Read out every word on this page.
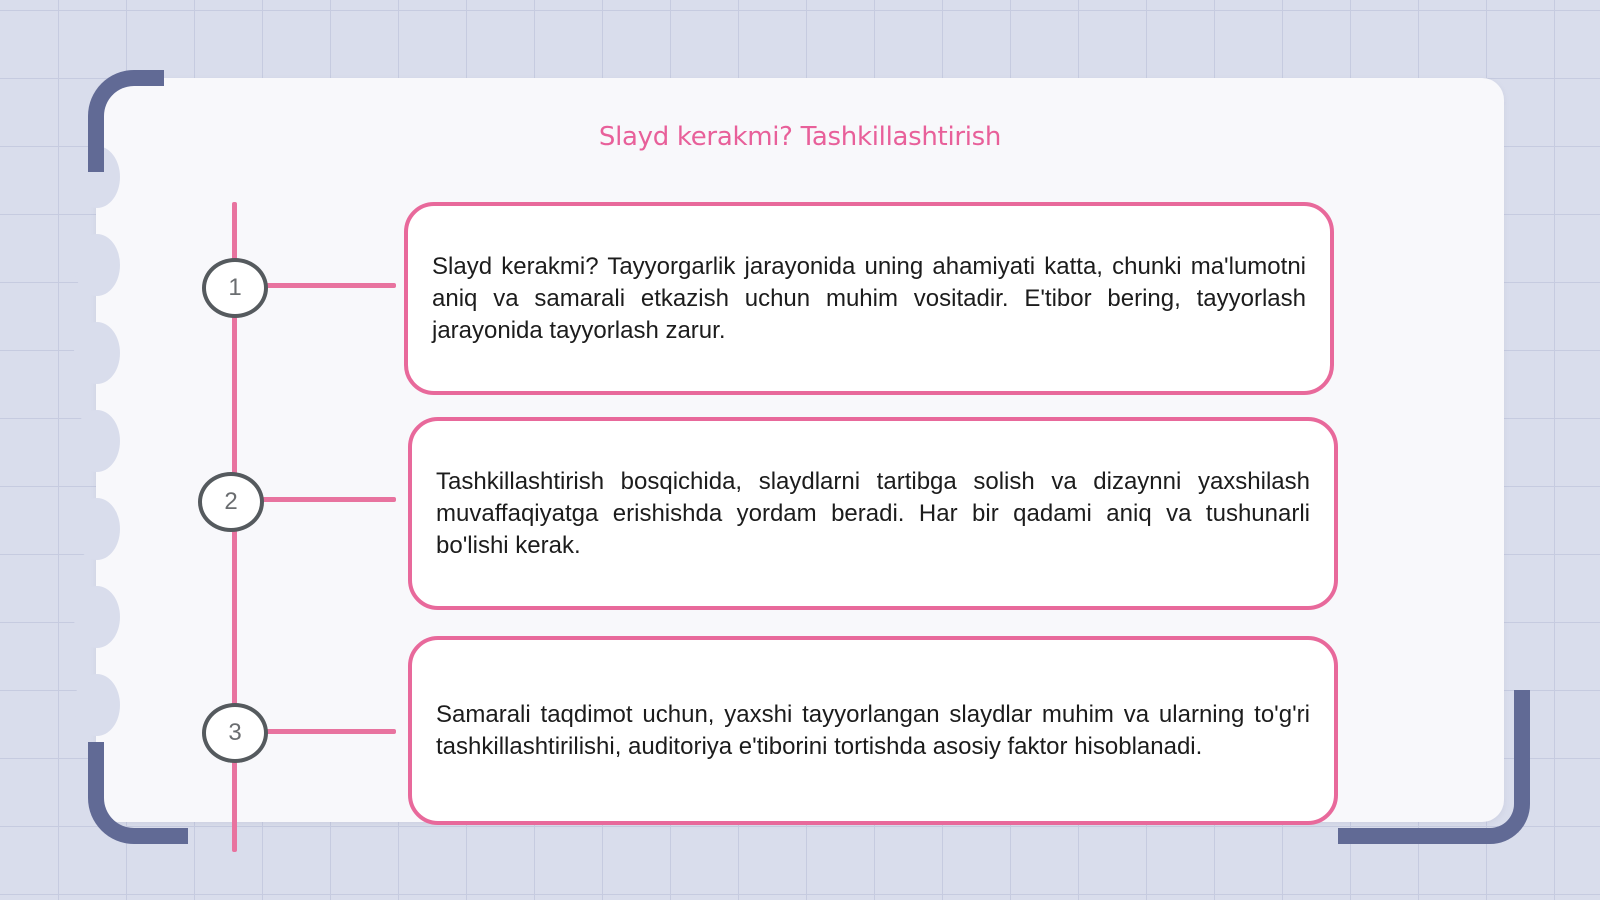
Slayd kerakmi? Tashkillashtirish
1
2
3

Slayd kerakmi? Tayyorgarlik jarayonida uning ahamiyati katta, chunki ma'lumotni aniq va samarali etkazish uchun muhim vositadir. E'tibor bering, tayyorlash jarayonida tayyorlash zarur.

Tashkillashtirish bosqichida, slaydlarni tartibga solish va dizaynni yaxshilash muvaffaqiyatga erishishda yordam beradi. Har bir qadami aniq va tushunarli bo'lishi kerak.

Samarali taqdimot uchun, yaxshi tayyorlangan slaydlar muhim va ularning to'g'ri tashkillashtirilishi, auditoriya e'tiborini tortishda asosiy faktor hisoblanadi.
